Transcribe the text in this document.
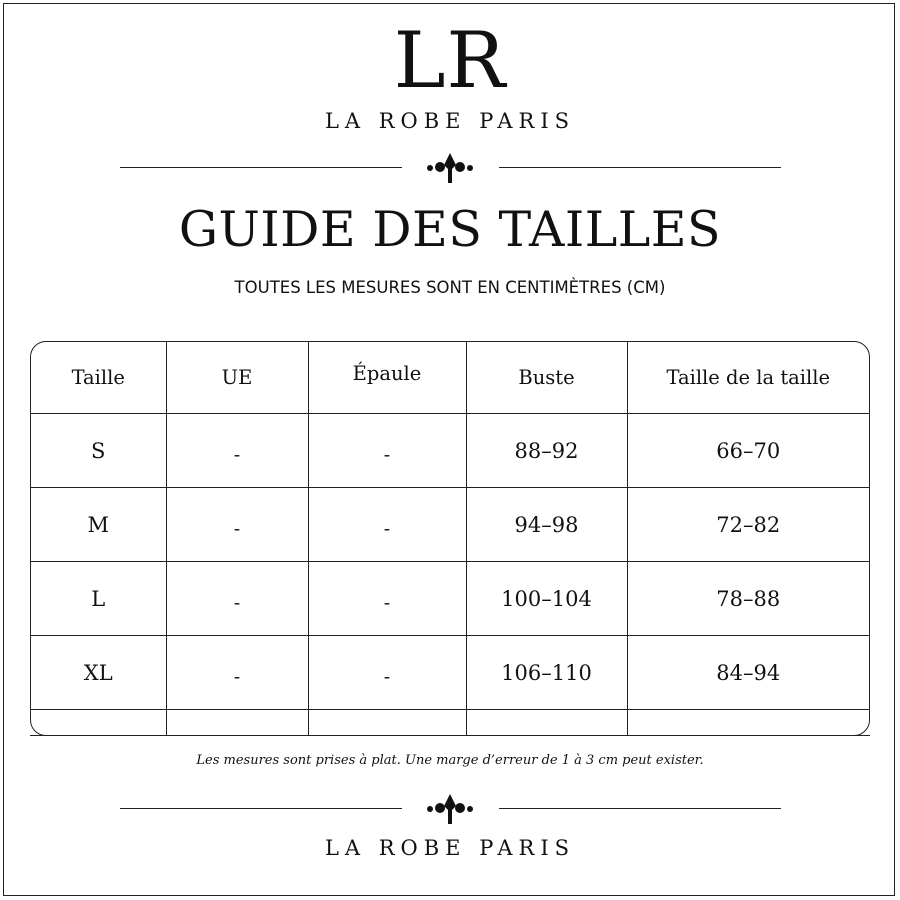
LR
LA ROBE PARIS
GUIDE DES TAILLES
TOUTES LES MESURES SONT EN CENTIMÈTRES (CM)
Taille	UE	Épaule	Buste	Taille de la taille
S	-	-	88–92	66–70
M	-	-	94–98	72–82
L	-	-	100–104	78–88
XL	-	-	106–110	84–94

Les mesures sont prises à plat. Une marge d’erreur de 1 à 3 cm peut exister.
LA ROBE PARIS
